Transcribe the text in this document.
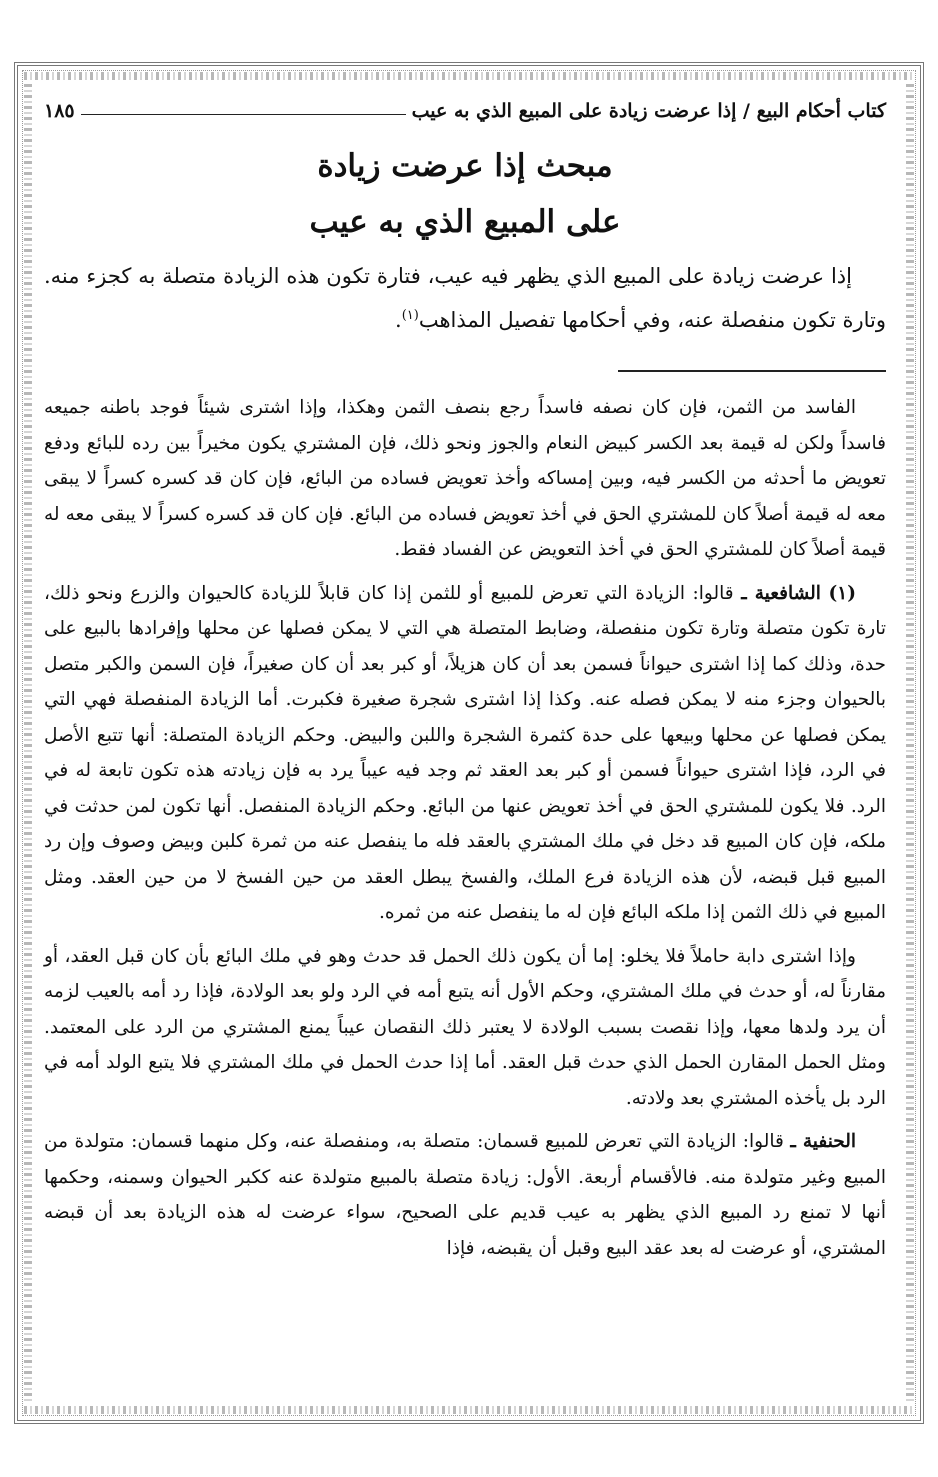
كتاب أحكام البيع / إذا عرضت زيادة على المبيع الذي به عيب
١٨٥
مبحث إذا عرضت زيادة
على المبيع الذي به عيب

إذا عرضت زيادة على المبيع الذي يظهر فيه عيب، فتارة تكون هذه الزيادة متصلة به كجزء منه. وتارة تكون منفصلة عنه، وفي أحكامها تفصيل المذاهب$^{(١)}$.

الفاسد من الثمن، فإن كان نصفه فاسداً رجع بنصف الثمن وهكذا، وإذا اشترى شيئاً فوجد باطنه جميعه فاسداً ولكن له قيمة بعد الكسر كبيض النعام والجوز ونحو ذلك، فإن المشتري يكون مخيراً بين رده للبائع ودفع تعويض ما أحدثه من الكسر فيه، وبين إمساكه وأخذ تعويض فساده من البائع، فإن كان قد كسره كسراً لا يبقى معه له قيمة أصلاً كان للمشتري الحق في أخذ تعويض فساده من البائع. فإن كان قد كسره كسراً لا يبقى معه له قيمة أصلاً كان للمشتري الحق في أخذ التعويض عن الفساد فقط.

(١) الشافعية ـ قالوا: الزيادة التي تعرض للمبيع أو للثمن إذا كان قابلاً للزيادة كالحيوان والزرع ونحو ذلك، تارة تكون متصلة وتارة تكون منفصلة، وضابط المتصلة هي التي لا يمكن فصلها عن محلها وإفرادها بالبيع على حدة، وذلك كما إذا اشترى حيواناً فسمن بعد أن كان هزيلاً، أو كبر بعد أن كان صغيراً، فإن السمن والكبر متصل بالحيوان وجزء منه لا يمكن فصله عنه. وكذا إذا اشترى شجرة صغيرة فكبرت. أما الزيادة المنفصلة فهي التي يمكن فصلها عن محلها وبيعها على حدة كثمرة الشجرة واللبن والبيض. وحكم الزيادة المتصلة: أنها تتبع الأصل في الرد، فإذا اشترى حيواناً فسمن أو كبر بعد العقد ثم وجد فيه عيباً يرد به فإن زيادته هذه تكون تابعة له في الرد. فلا يكون للمشتري الحق في أخذ تعويض عنها من البائع. وحكم الزيادة المنفصل. أنها تكون لمن حدثت في ملكه، فإن كان المبيع قد دخل في ملك المشتري بالعقد فله ما ينفصل عنه من ثمرة كلبن وبيض وصوف وإن رد المبيع قبل قبضه، لأن هذه الزيادة فرع الملك، والفسخ يبطل العقد من حين الفسخ لا من حين العقد. ومثل المبيع في ذلك الثمن إذا ملكه البائع فإن له ما ينفصل عنه من ثمره.

وإذا اشترى دابة حاملاً فلا يخلو: إما أن يكون ذلك الحمل قد حدث وهو في ملك البائع بأن كان قبل العقد، أو مقارناً له، أو حدث في ملك المشتري، وحكم الأول أنه يتبع أمه في الرد ولو بعد الولادة، فإذا رد أمه بالعيب لزمه أن يرد ولدها معها، وإذا نقصت بسبب الولادة لا يعتبر ذلك النقصان عيباً يمنع المشتري من الرد على المعتمد. ومثل الحمل المقارن الحمل الذي حدث قبل العقد. أما إذا حدث الحمل في ملك المشتري فلا يتبع الولد أمه في الرد بل يأخذه المشتري بعد ولادته.

الحنفية ـ قالوا: الزيادة التي تعرض للمبيع قسمان: متصلة به، ومنفصلة عنه، وكل منهما قسمان: متولدة من المبيع وغير متولدة منه. فالأقسام أربعة. الأول: زيادة متصلة بالمبيع متولدة عنه ككبر الحيوان وسمنه، وحكمها أنها لا تمنع رد المبيع الذي يظهر به عيب قديم على الصحيح، سواء عرضت له هذه الزيادة بعد أن قبضه المشتري، أو عرضت له بعد عقد البيع وقبل أن يقبضه، فإذا
